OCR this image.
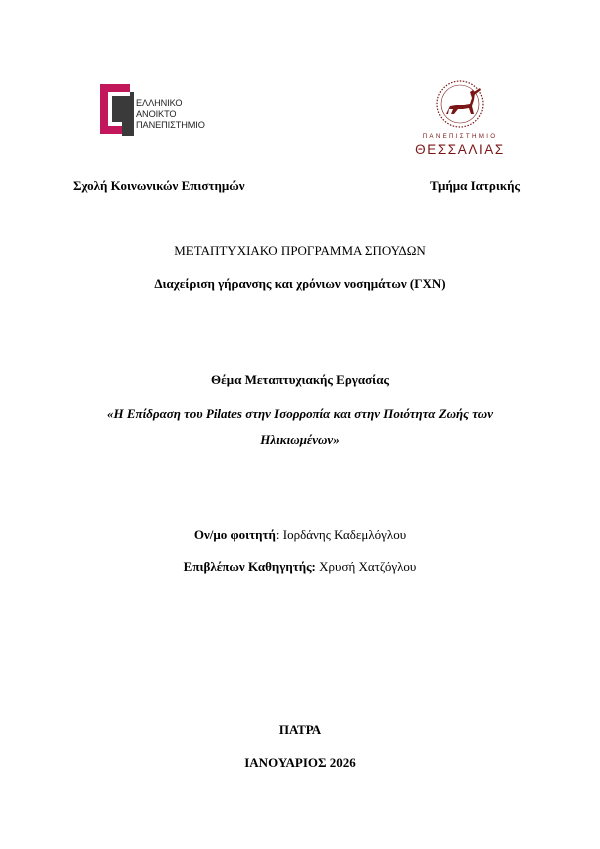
ΕΛΛΗΝΙΚΟ
ΑΝΟΙΚΤΟ
ΠΑΝΕΠΙΣΤΗΜΙΟ
ΠΑΝΕΠΙΣΤΗΜΙΟ
ΘΕΣΣΑΛΙΑΣ
Σχολή Κοινωνικών Επιστημών	Τμήμα Ιατρικής
ΜΕΤΑΠΤΥΧΙΑΚΟ ΠΡΟΓΡΑΜΜΑ ΣΠΟΥΔΩΝ
Διαχείριση γήρανσης και χρόνιων νοσημάτων (ΓΧΝ)
Θέμα Μεταπτυχιακής Εργασίας
«Η Επίδραση του Pilates στην Ισορροπία και στην Ποιότητα Ζωής των
Ηλικιωμένων»
Ον/μο φοιτητή: Ιορδάνης Καδεμλόγλου
Επιβλέπων Καθηγητής: Χρυσή Χατζόγλου
ΠΑΤΡΑ
ΙΑΝΟΥΑΡΙΟΣ 2026
